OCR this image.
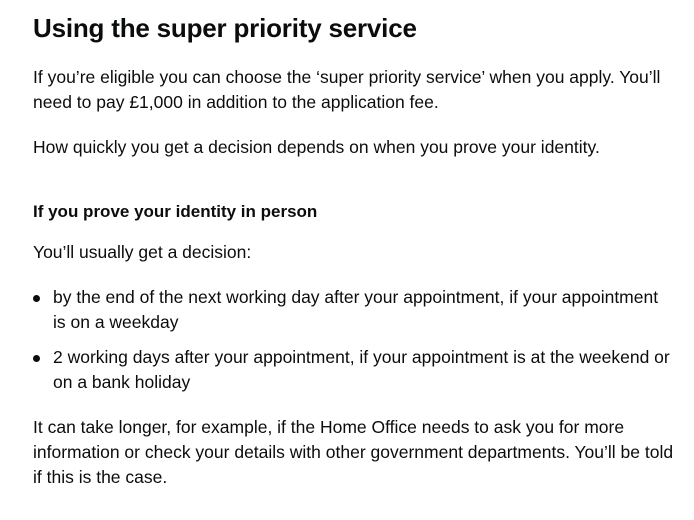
Using the super priority service

If you’re eligible you can choose the ‘super priority service’ when you apply. You’ll need to pay £1,000 in addition to the application fee.

How quickly you get a decision depends on when you prove your identity.

If you prove your identity in person

You’ll usually get a decision:

by the end of the next working day after your appointment, if your appointment is on a weekday
2 working days after your appointment, if your appointment is at the weekend or on a bank holiday

It can take longer, for example, if the Home Office needs to ask you for more information or check your details with other government departments. You’ll be told if this is the case.
